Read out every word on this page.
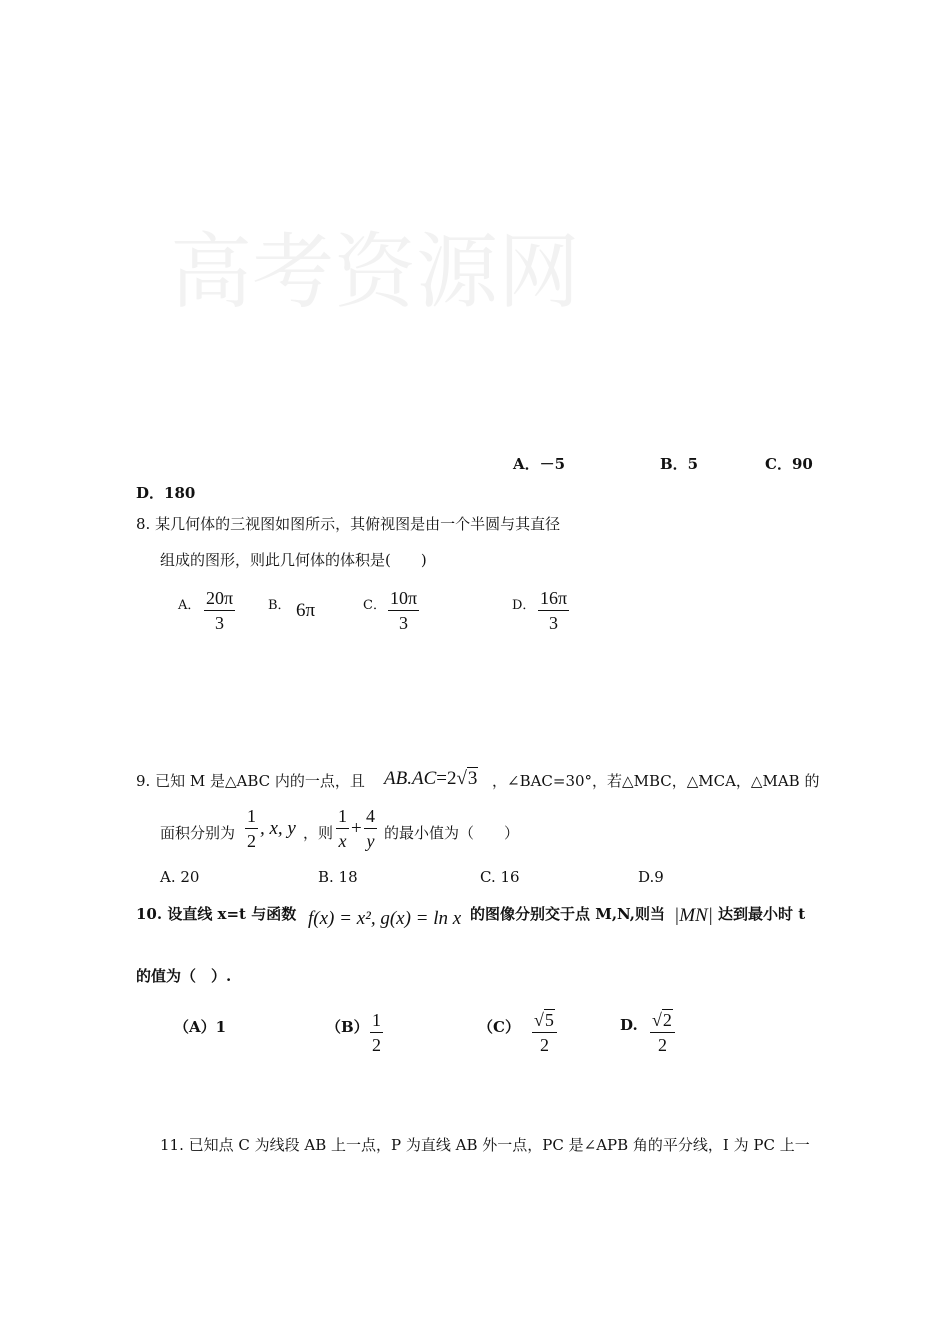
高考资源网
A．－5	B．5	C．90
D．180
8. 某几何体的三视图如图所示，其俯视图是由一个半圆与其直径
组成的图形，则此几何体的体积是(　　)
A． 20π
3
B． 6π	C． 10π
3
D． 16π
3
9. 已知 M 是△ABC 内的一点，且 AB.AC=2√3 ，∠BAC=30°，若△MBC，△MCA，△MAB 的
面积分别为
1
2
, x, y ，则
1
x
+
4
y 的最小值为（　　）
A. 20	B. 18	C. 16	D.9
10. 设直线 x=t 与函数 f(x) = x², g(x) = ln x 的图像分别交于点 M,N,则当 |MN| 达到最小时 t
的值为（　）.
（A）1	（B） 1
2
（C） √5
2
D. √2
2
11. 已知点 C 为线段 AB 上一点，P 为直线 AB 外一点，PC 是∠APB 角的平分线，I 为 PC 上一
